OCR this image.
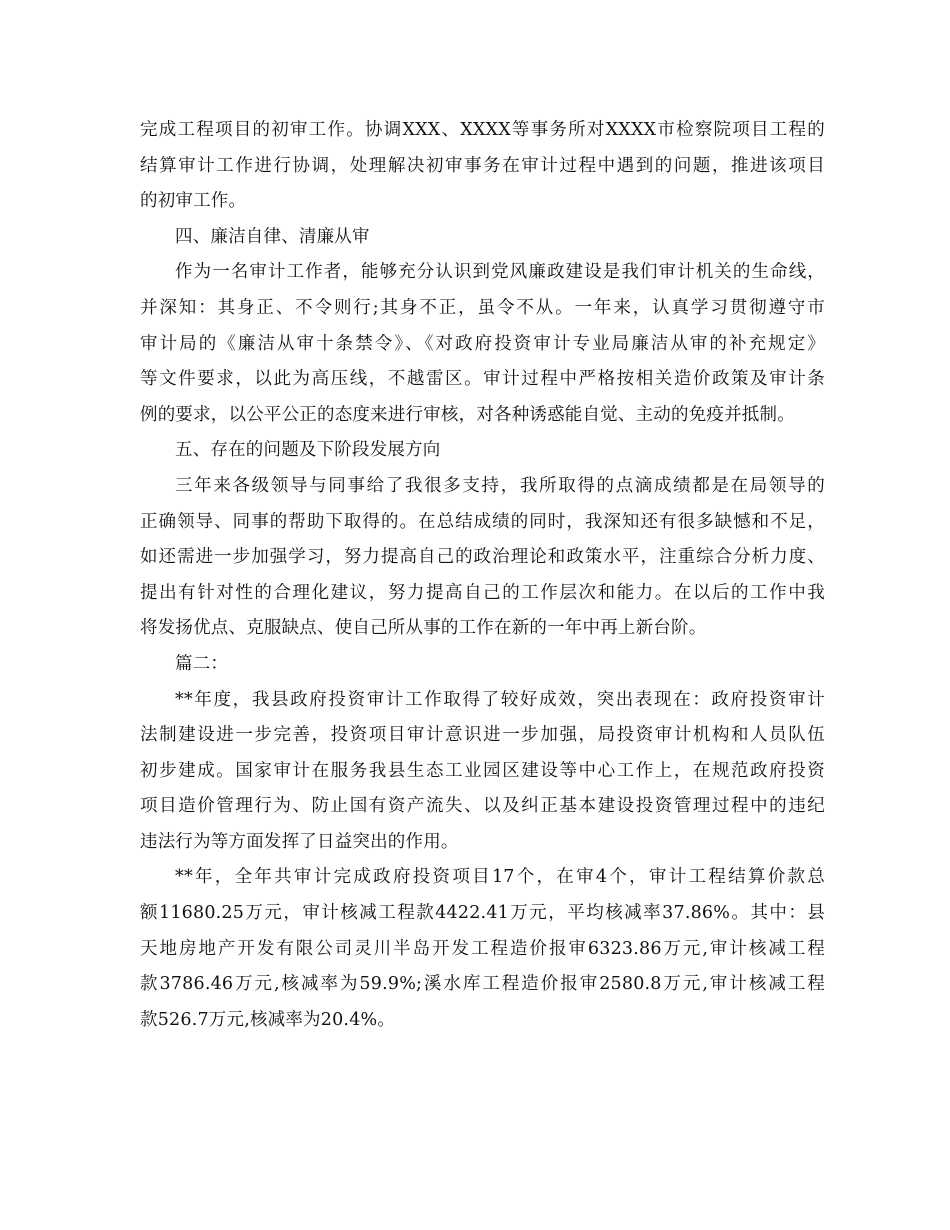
完成工程项目的初审工作。协调XXX、XXXX等事务所对XXXX市检察院项目工程的
结算审计工作进行协调，处理解决初审事务在审计过程中遇到的问题，推进该项目
的初审工作。
四、廉洁自律、清廉从审
作为一名审计工作者，能够充分认识到党风廉政建设是我们审计机关的生命线，
并深知：其身正、不令则行;其身不正，虽令不从。一年来，认真学习贯彻遵守市
审计局的《廉洁从审十条禁令》、《对政府投资审计专业局廉洁从审的补充规定》
等文件要求，以此为高压线，不越雷区。审计过程中严格按相关造价政策及审计条
例的要求，以公平公正的态度来进行审核，对各种诱惑能自觉、主动的免疫并抵制。
五、存在的问题及下阶段发展方向
三年来各级领导与同事给了我很多支持，我所取得的点滴成绩都是在局领导的
正确领导、同事的帮助下取得的。在总结成绩的同时，我深知还有很多缺憾和不足，
如还需进一步加强学习，努力提高自己的政治理论和政策水平，注重综合分析力度、
提出有针对性的合理化建议，努力提高自己的工作层次和能力。在以后的工作中我
将发扬优点、克服缺点、使自己所从事的工作在新的一年中再上新台阶。
篇二：
**年度，我县政府投资审计工作取得了较好成效，突出表现在：政府投资审计
法制建设进一步完善，投资项目审计意识进一步加强，局投资审计机构和人员队伍
初步建成。国家审计在服务我县生态工业园区建设等中心工作上，在规范政府投资
项目造价管理行为、防止国有资产流失、以及纠正基本建设投资管理过程中的违纪
违法行为等方面发挥了日益突出的作用。
**年，全年共审计完成政府投资项目17个，在审4个，审计工程结算价款总
额11680.25万元，审计核减工程款4422.41万元，平均核减率37.86%。其中：县
天地房地产开发有限公司灵川半岛开发工程造价报审6323.86万元,审计核减工程
款3786.46万元,核减率为59.9%;溪水库工程造价报审2580.8万元,审计核减工程
款526.7万元,核减率为20.4%。
